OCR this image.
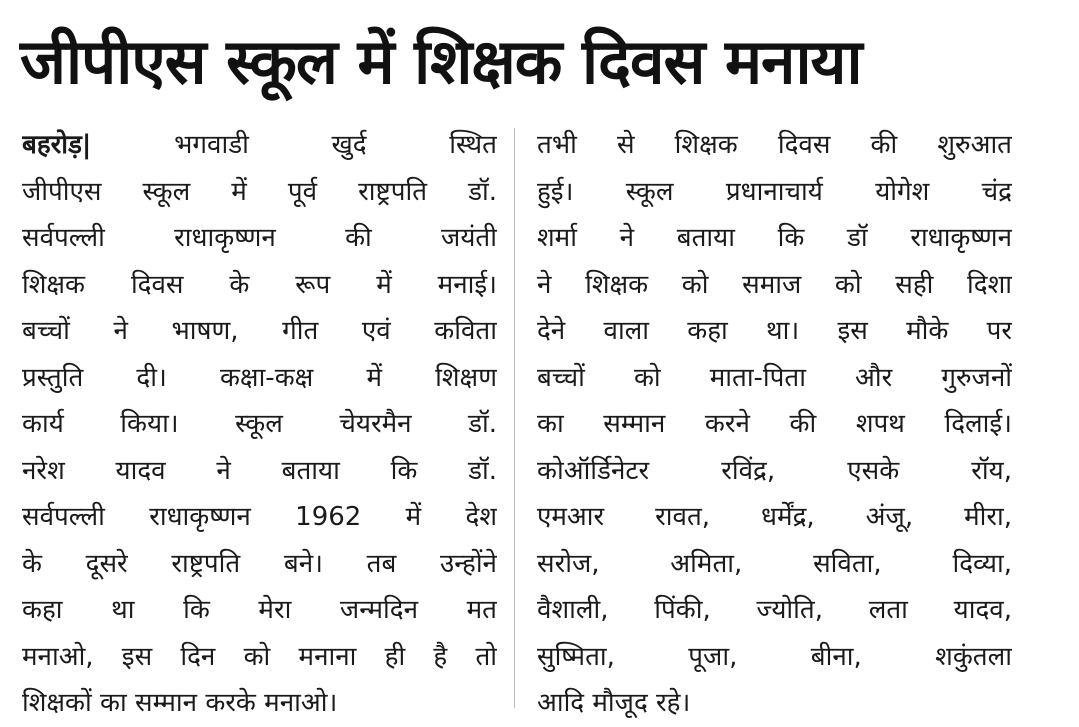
जीपीएस स्कूल में शिक्षक दिवस मनाया
बहरोड़| भगवाडी खुर्द स्थित
जीपीएस स्कूल में पूर्व राष्ट्रपति डॉ.
सर्वपल्ली राधाकृष्णन की जयंती
शिक्षक दिवस के रूप में मनाई।
बच्चों ने भाषण, गीत एवं कविता
प्रस्तुति दी। कक्षा-कक्ष में शिक्षण
कार्य किया। स्कूल चेयरमैन डॉ.
नरेश यादव ने बताया कि डॉ.
सर्वपल्ली राधाकृष्णन 1962 में देश
के दूसरे राष्ट्रपति बने। तब उन्होंने
कहा था कि मेरा जन्मदिन मत
मनाओ, इस दिन को मनाना ही है तो
शिक्षकों का सम्मान करके मनाओ।
तभी से शिक्षक दिवस की शुरुआत
हुई। स्कूल प्रधानाचार्य योगेश चंद्र
शर्मा ने बताया कि डॉ राधाकृष्णन
ने शिक्षक को समाज को सही दिशा
देने वाला कहा था। इस मौके पर
बच्चों को माता-पिता और गुरुजनों
का सम्मान करने की शपथ दिलाई।
कोऑर्डिनेटर रविंद्र, एसके रॉय,
एमआर रावत, धर्मेंद्र, अंजू, मीरा,
सरोज, अमिता, सविता, दिव्या,
वैशाली, पिंकी, ज्योति, लता यादव,
सुष्मिता, पूजा, बीना, शकुंतला
आदि मौजूद रहे।
